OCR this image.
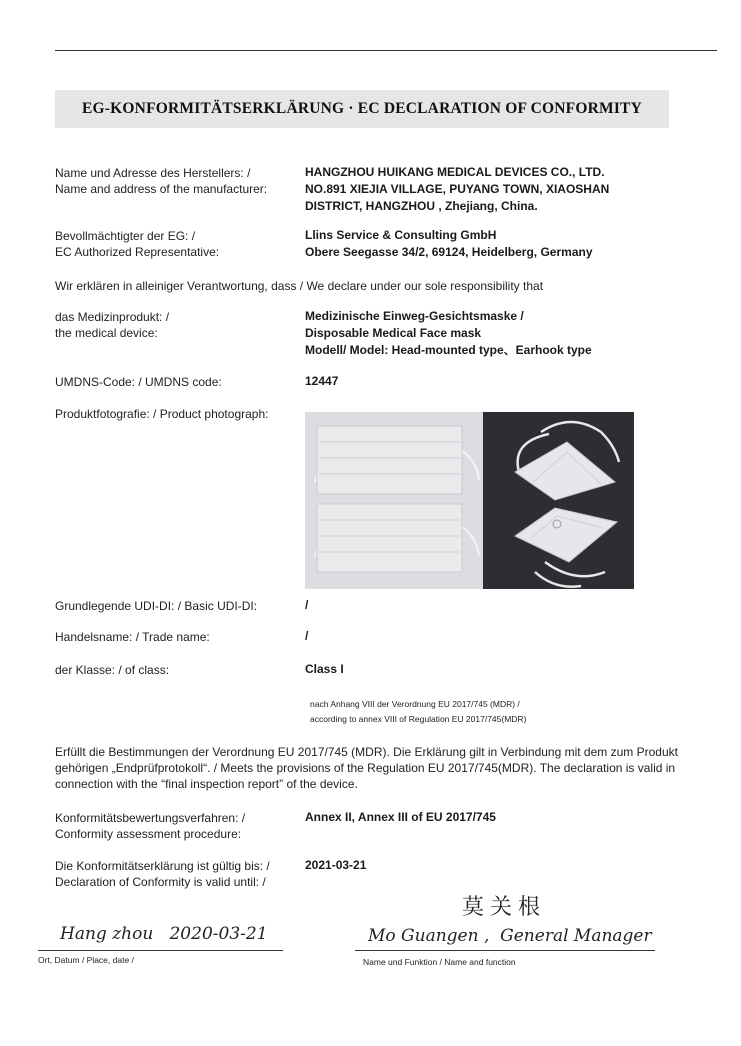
EG-KONFORMITÄTSERKLÄRUNG · EC DECLARATION OF CONFORMITY
Name und Adresse des Herstellers: /
Name and address of the manufacturer:
HANGZHOU HUIKANG MEDICAL DEVICES CO., LTD.
NO.891 XIEJIA VILLAGE, PUYANG TOWN, XIAOSHAN
DISTRICT, HANGZHOU , Zhejiang, China.
Bevollmächtigter der EG: /
EC Authorized Representative:
Llins Service & Consulting GmbH
Obere Seegasse 34/2, 69124, Heidelberg, Germany
Wir erklären in alleiniger Verantwortung, dass / We declare under our sole responsibility that
das Medizinprodukt: /
the medical device:
Medizinische Einweg-Gesichtsmaske /
Disposable Medical Face mask
Modell/ Model: Head-mounted type、Earhook type
UMDNS-Code: / UMDNS code:	12447
Produktfotografie: / Product photograph:
Grundlegende UDI-DI: / Basic UDI-DI:	/
Handelsname: / Trade name:	/
der Klasse: / of class:	Class I
nach Anhang VIII der Verordnung EU 2017/745 (MDR) /
according to annex VIII of Regulation EU 2017/745(MDR)
Erfüllt die Bestimmungen der Verordnung EU 2017/745 (MDR). Die Erklärung gilt in Verbindung mit dem zum Produkt
gehörigen „Endprüfprotokoll“. / Meets the provisions of the Regulation EU 2017/745(MDR). The declaration is valid in
connection with the “final inspection report” of the device.
Konformitätsbewertungsverfahren: /
Conformity assessment procedure:
Annex II, Annex III of EU 2017/745
Die Konformitätserklärung ist gültig bis: /
Declaration of Conformity is valid until: /
2021-03-21
Hang zhou   2020-03-21
Ort, Datum / Place, date /
莫关根
Mo Guangen ,  General Manager
Name und Funktion / Name and function
